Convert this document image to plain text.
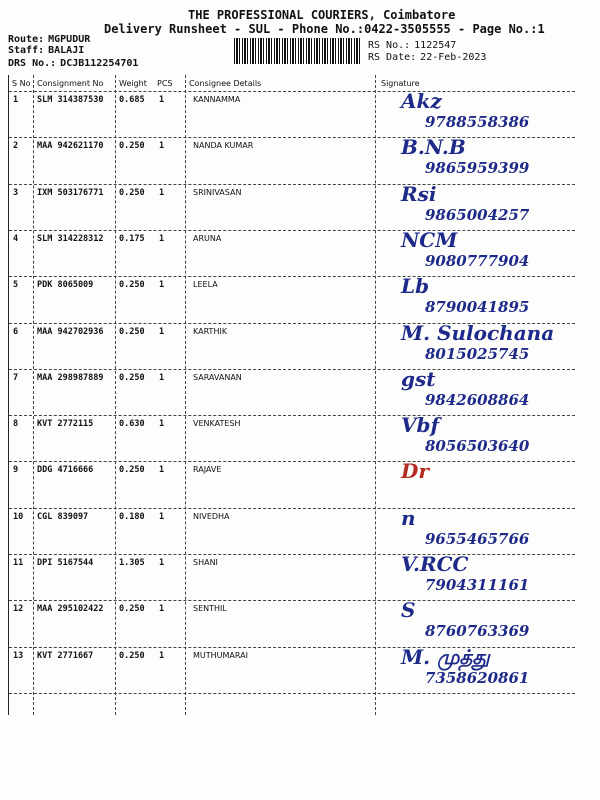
THE PROFESSIONAL COURIERS, Coimbatore
Delivery Runsheet - SUL - Phone No.:0422-3505555 - Page No.:1
Route: MGPUDUR
Staff: BALAJI
DRS No.: DCJB112254701
RS No.: 1122547
RS Date: 22-Feb-2023
S No Consignment No Weight PCS Consignee Details	Signature
1 SLM 314387530 0.685 1	KANNAMMA	Akz
9788558386
2 MAA 942621170 0.250 1	NANDA KUMAR	B.N.B
9865959399
3 IXM 503176771 0.250 1	SRINIVASAN	Rsi
9865004257
4 SLM 314228312 0.175 1	ARUNA	NCM
9080777904
5 PDK 8065009	0.250 1	LEELA	Lb
8790041895
6 MAA 942702936 0.250 1	KARTHIK	M. Sulochana
8015025745
7 MAA 298987889 0.250 1	SARAVANAN	gst
9842608864
8 KVT 2772115	0.630 1	VENKATESH	Vbf
8056503640
9 DDG 4716666	0.250 1	RAJAVE	Dr
10 CGL 839097	0.180 1	NIVEDHA	n
9655465766
11 DPI 5167544	1.305 1	SHANI	V.RCC
7904311161
12 MAA 295102422 0.250 1	SENTHIL	S
8760763369
13 KVT 2771667	0.250 1	MUTHUMARAI	M. முத்து
7358620861
